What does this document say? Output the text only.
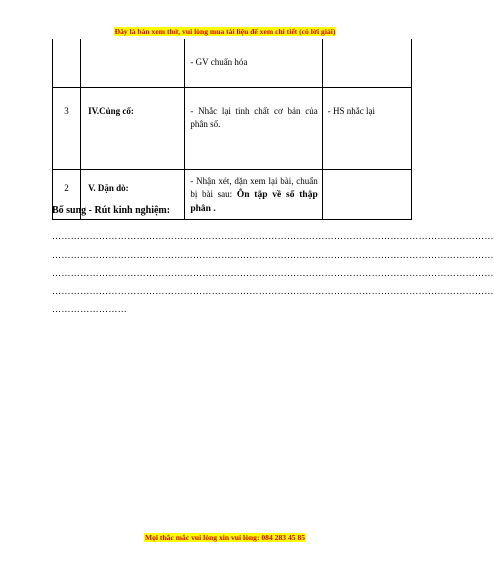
Đây là bản xem thử, vui lòng mua tài liệu để xem chi tiết (có lời giải)

		- GV chuẩn hóa	

3	IV.Củng cố:	- Nhắc lại tính chất cơ bản của phân số.	- HS nhắc lại

2	V. Dặn dò:	- Nhận xét, dặn xem lại bài, chuẩn bị bài sau: Ôn tập về số thập phân .	

Bổ sung - Rút kinh nghiệm:
……………………………………………………………………………………………………………………………
……………………………………………………………………………………………………………………………
……………………………………………………………………………………………………………………………
……………………………………………………………………………………………………………………………
……………………
Mọi thắc mắc vui lòng xin vui lòng: 084 283 45 85
